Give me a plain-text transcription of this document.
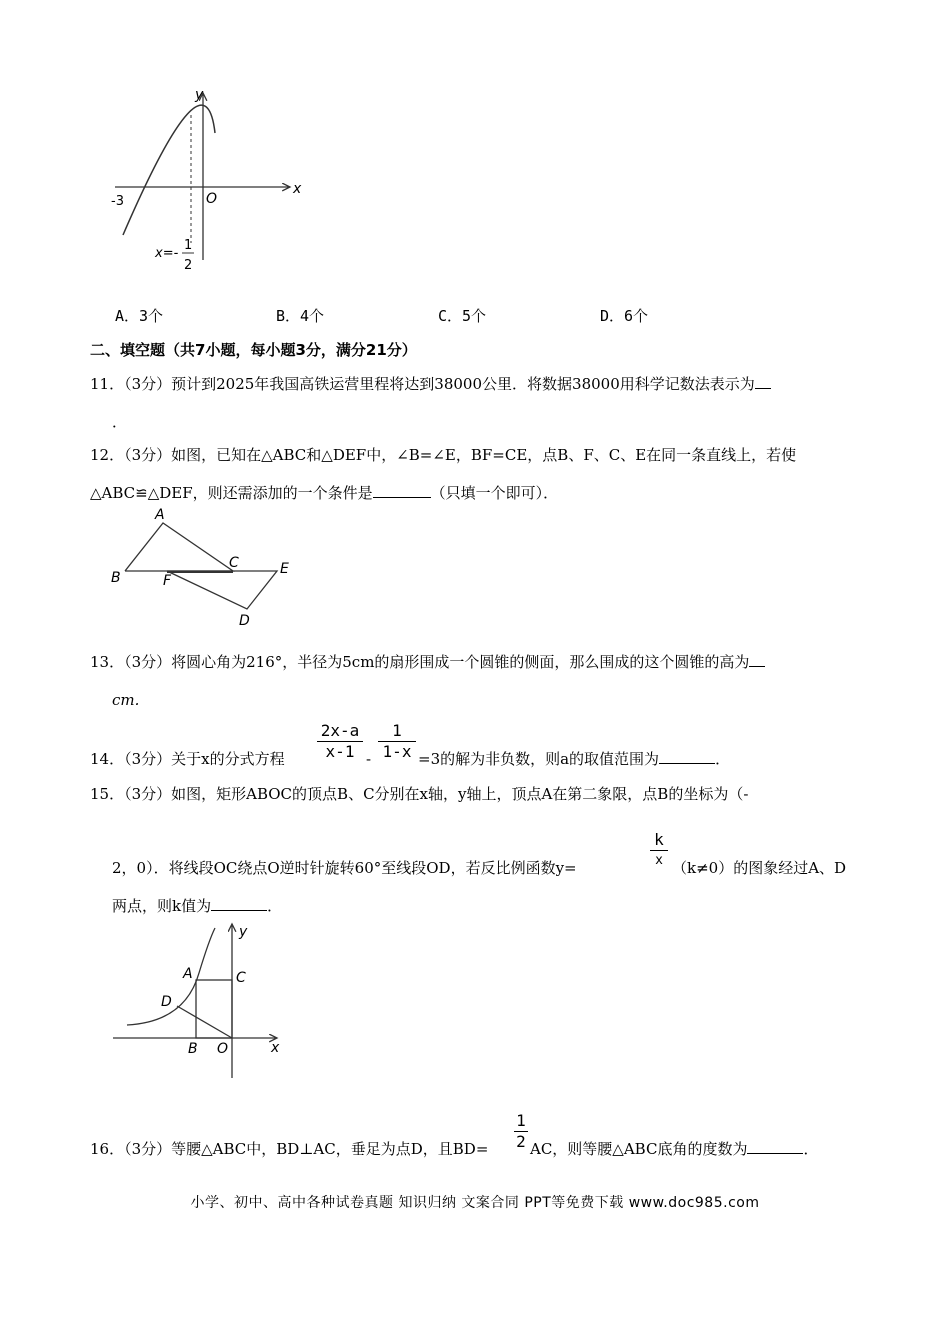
y
x
O
-3
x=-
1
2
A．3个	B．4个	C．5个	D．6个
二、填空题（共7小题，每小题3分，满分21分）
11．（3分）预计到2025年我国高铁运营里程将达到38000公里．将数据38000用科学记数法表示为
．
12．（3分）如图，已知在△ABC和△DEF中，∠B=∠E，BF=CE，点B、F、C、E在同一条直线上，若使
△ABC≌△DEF，则还需添加的一个条件是	（只填一个即可）．
A
B
C	E
F
D
13．（3分）将圆心角为216°，半径为5cm的扇形围成一个圆锥的侧面，那么围成的这个圆锥的高为
cm.
14．（3分）关于x的分式方程
2x-a
x-1 -
1
1-x =3的解为非负数，则a的取值范围为	．
15．（3分）如图，矩形ABOC的顶点B、C分别在x轴，y轴上，顶点A在第二象限，点B的坐标为（-
2，0）．将线段OC绕点O逆时针旋转60°至线段OD，若反比例函数y=
k
x （k≠0）的图象经过A、D
两点，则k值为	．
y
x
A	C
D
B O
16．（3分）等腰△ABC中，BD⊥AC，垂足为点D，且BD=
1
2 AC，则等腰△ABC底角的度数为	．
小学、初中、高中各种试卷真题 知识归纳 文案合同 PPT等免费下载 www.doc985.com
